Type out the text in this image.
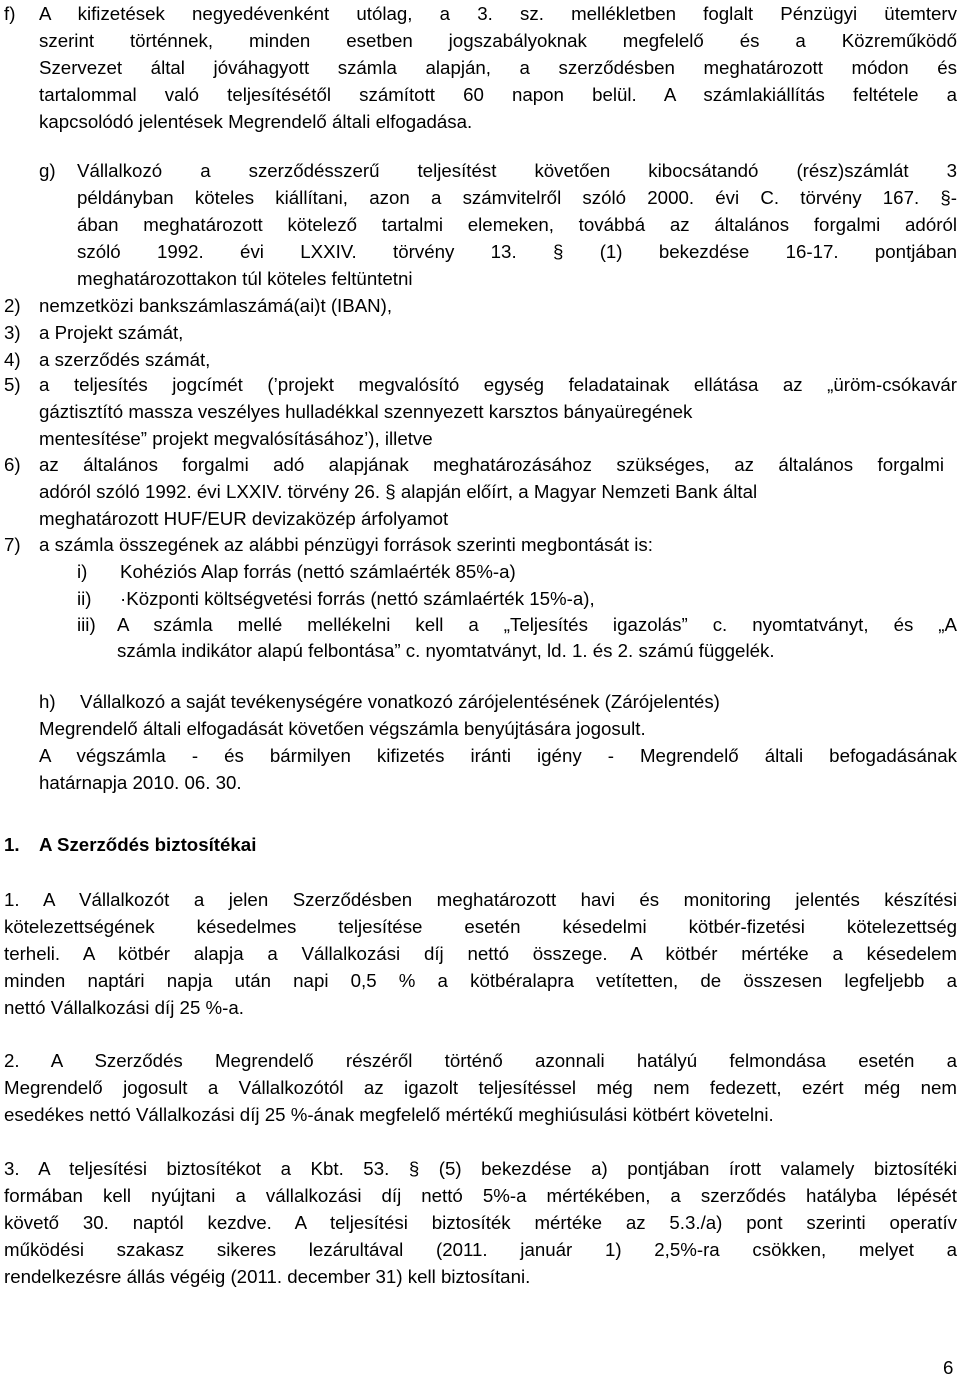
f) A kifizetések negyedévenként utólag, a 3. sz. mellékletben foglalt Pénzügyi ütemterv
szerint történnek, minden esetben jogszabályoknak megfelelő és a Közreműködő
Szervezet által jóváhagyott számla alapján, a szerződésben meghatározott módon és
tartalommal való teljesítésétől számított 60 napon belül. A számlakiállítás feltétele a
kapcsolódó jelentések Megrendelő általi elfogadása.
g) Vállalkozó a szerződésszerű teljesítést követően kibocsátandó (rész)számlát 3
példányban köteles kiállítani, azon a számvitelről szóló 2000. évi C. törvény 167. §-
ában meghatározott kötelező tartalmi elemeken, továbbá az általános forgalmi adóról
szóló 1992. évi LXXIV. törvény 13. § (1) bekezdése 16-17. pontjában
meghatározottakon túl köteles feltüntetni
2) nemzetközi bankszámlaszámá(ai)t (IBAN),
3) a Projekt számát,
4) a szerződés számát,
5) a teljesítés jogcímét (’projekt megvalósító egység feladatainak ellátása az „üröm-csókavár
gáztisztító massza veszélyes hulladékkal szennyezett karsztos bányaüregének
mentesítése” projekt megvalósításához’), illetve
6) az általános forgalmi adó alapjának meghatározásához szükséges, az általános forgalmi
adóról szóló 1992. évi LXXIV. törvény 26. § alapján előírt, a Magyar Nemzeti Bank által
meghatározott HUF/EUR devizaközép árfolyamot
7) a számla összegének az alábbi pénzügyi források szerinti megbontását is:
i) Kohéziós Alap forrás (nettó számlaérték 85%-a)
ii) ·Központi költségvetési forrás (nettó számlaérték 15%-a),
iii) A számla mellé mellékelni kell a „Teljesítés igazolás” c. nyomtatványt, és „A
számla indikátor alapú felbontása” c. nyomtatványt, ld. 1. és 2. számú függelék.
h) Vállalkozó a saját tevékenységére vonatkozó zárójelentésének (Zárójelentés)
Megrendelő általi elfogadását követően végszámla benyújtására jogosult.
A végszámla - és bármilyen kifizetés iránti igény - Megrendelő általi befogadásának
határnapja 2010. 06. 30.
1. A Szerződés biztosítékai
1. A Vállalkozót a jelen Szerződésben meghatározott havi és monitoring jelentés készítési
kötelezettségének késedelmes teljesítése esetén késedelmi kötbér-fizetési kötelezettség
terheli. A kötbér alapja a Vállalkozási díj nettó összege. A kötbér mértéke a késedelem
minden naptári napja után napi 0,5 % a kötbéralapra vetítetten, de összesen legfeljebb a
nettó Vállalkozási díj 25 %-a.
2. A Szerződés Megrendelő részéről történő azonnali hatályú felmondása esetén a
Megrendelő jogosult a Vállalkozótól az igazolt teljesítéssel még nem fedezett, ezért még nem
esedékes nettó Vállalkozási díj 25 %-ának megfelelő mértékű meghiúsulási kötbért követelni.
3. A teljesítési biztosítékot a Kbt. 53. § (5) bekezdése a) pontjában írott valamely biztosítéki
formában kell nyújtani a vállalkozási díj nettó 5%-a mértékében, a szerződés hatályba lépését
követő 30. naptól kezdve. A teljesítési biztosíték mértéke az 5.3./a) pont szerinti operatív
működési szakasz sikeres lezárultával (2011. január 1) 2,5%-ra csökken, melyet a
rendelkezésre állás végéig (2011. december 31) kell biztosítani.
6
